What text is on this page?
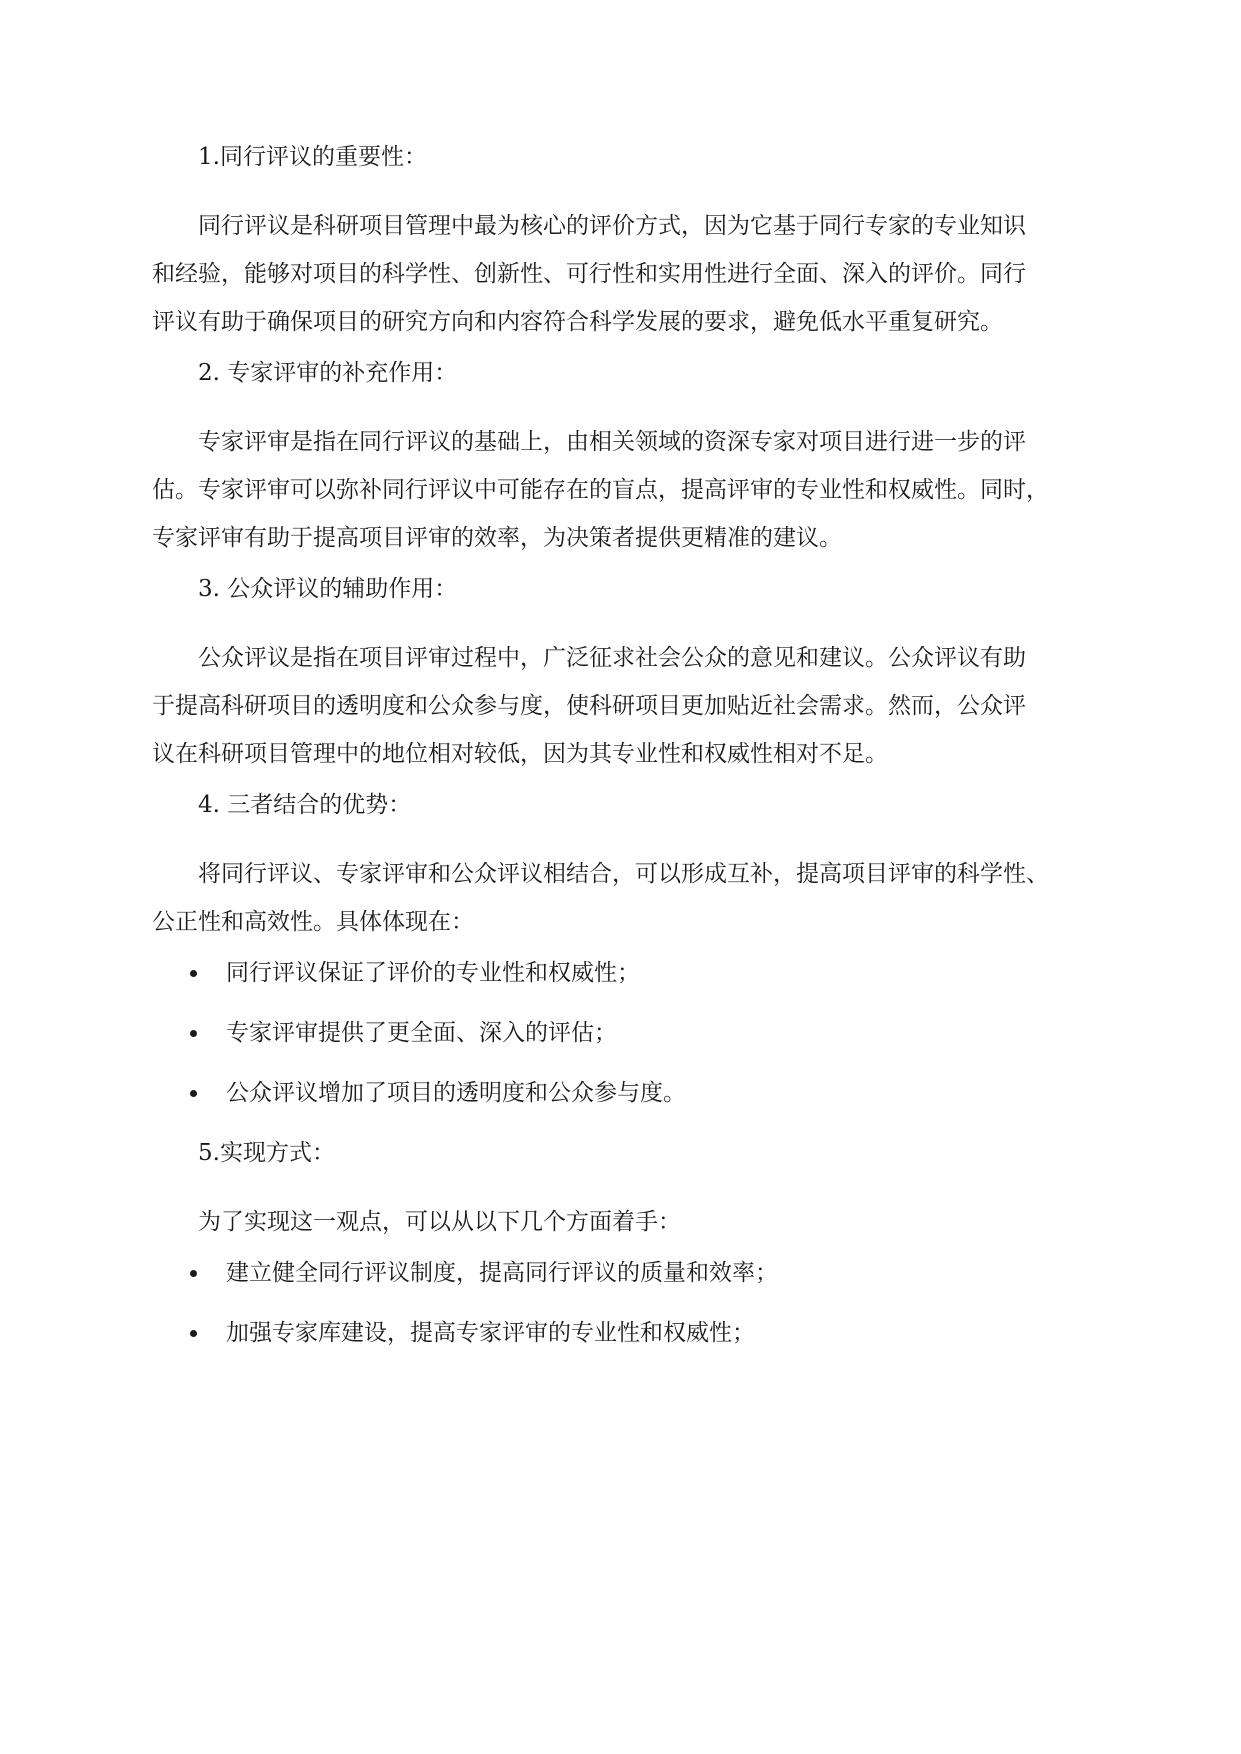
1.同行评议的重要性：

同行评议是科研项目管理中最为核心的评价方式，因为它基于同行专家的专业知识
和经验，能够对项目的科学性、创新性、可行性和实用性进行全面、深入的评价。同行
评议有助于确保项目的研究方向和内容符合科学发展的要求，避免低水平重复研究。

2. 专家评审的补充作用：

专家评审是指在同行评议的基础上，由相关领域的资深专家对项目进行进一步的评
估。专家评审可以弥补同行评议中可能存在的盲点，提高评审的专业性和权威性。同时，
专家评审有助于提高项目评审的效率，为决策者提供更精准的建议。

3. 公众评议的辅助作用：

公众评议是指在项目评审过程中，广泛征求社会公众的意见和建议。公众评议有助
于提高科研项目的透明度和公众参与度，使科研项目更加贴近社会需求。然而，公众评
议在科研项目管理中的地位相对较低，因为其专业性和权威性相对不足。

4. 三者结合的优势：

将同行评议、专家评审和公众评议相结合，可以形成互补，提高项目评审的科学性、
公正性和高效性。具体体现在：

同行评议保证了评价的专业性和权威性；
专家评审提供了更全面、深入的评估；
公众评议增加了项目的透明度和公众参与度。

5.实现方式：

为了实现这一观点，可以从以下几个方面着手：

建立健全同行评议制度，提高同行评议的质量和效率；
加强专家库建设，提高专家评审的专业性和权威性；
